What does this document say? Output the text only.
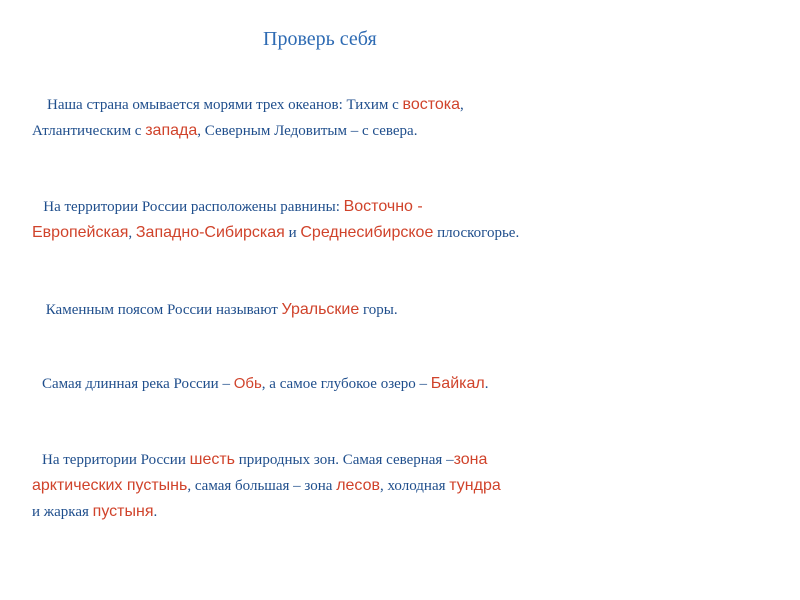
Проверь себя
 Наша страна омывается морями трех океанов: Тихим с востока,
Атлантическим с запада, Северным Ледовитым – с севера.
  На территории России расположены равнины: Восточно -
Европейская, Западно-Сибирская и Среднесибирское плоскогорье.
   Каменным поясом России называют Уральские горы.
  Самая длинная река России – Обь, а самое глубокое озеро – Байкал.
  На территории России шесть природных зон. Самая северная –зона
арктических пустынь, самая большая – зона лесов, холодная тундра
и жаркая пустыня.
